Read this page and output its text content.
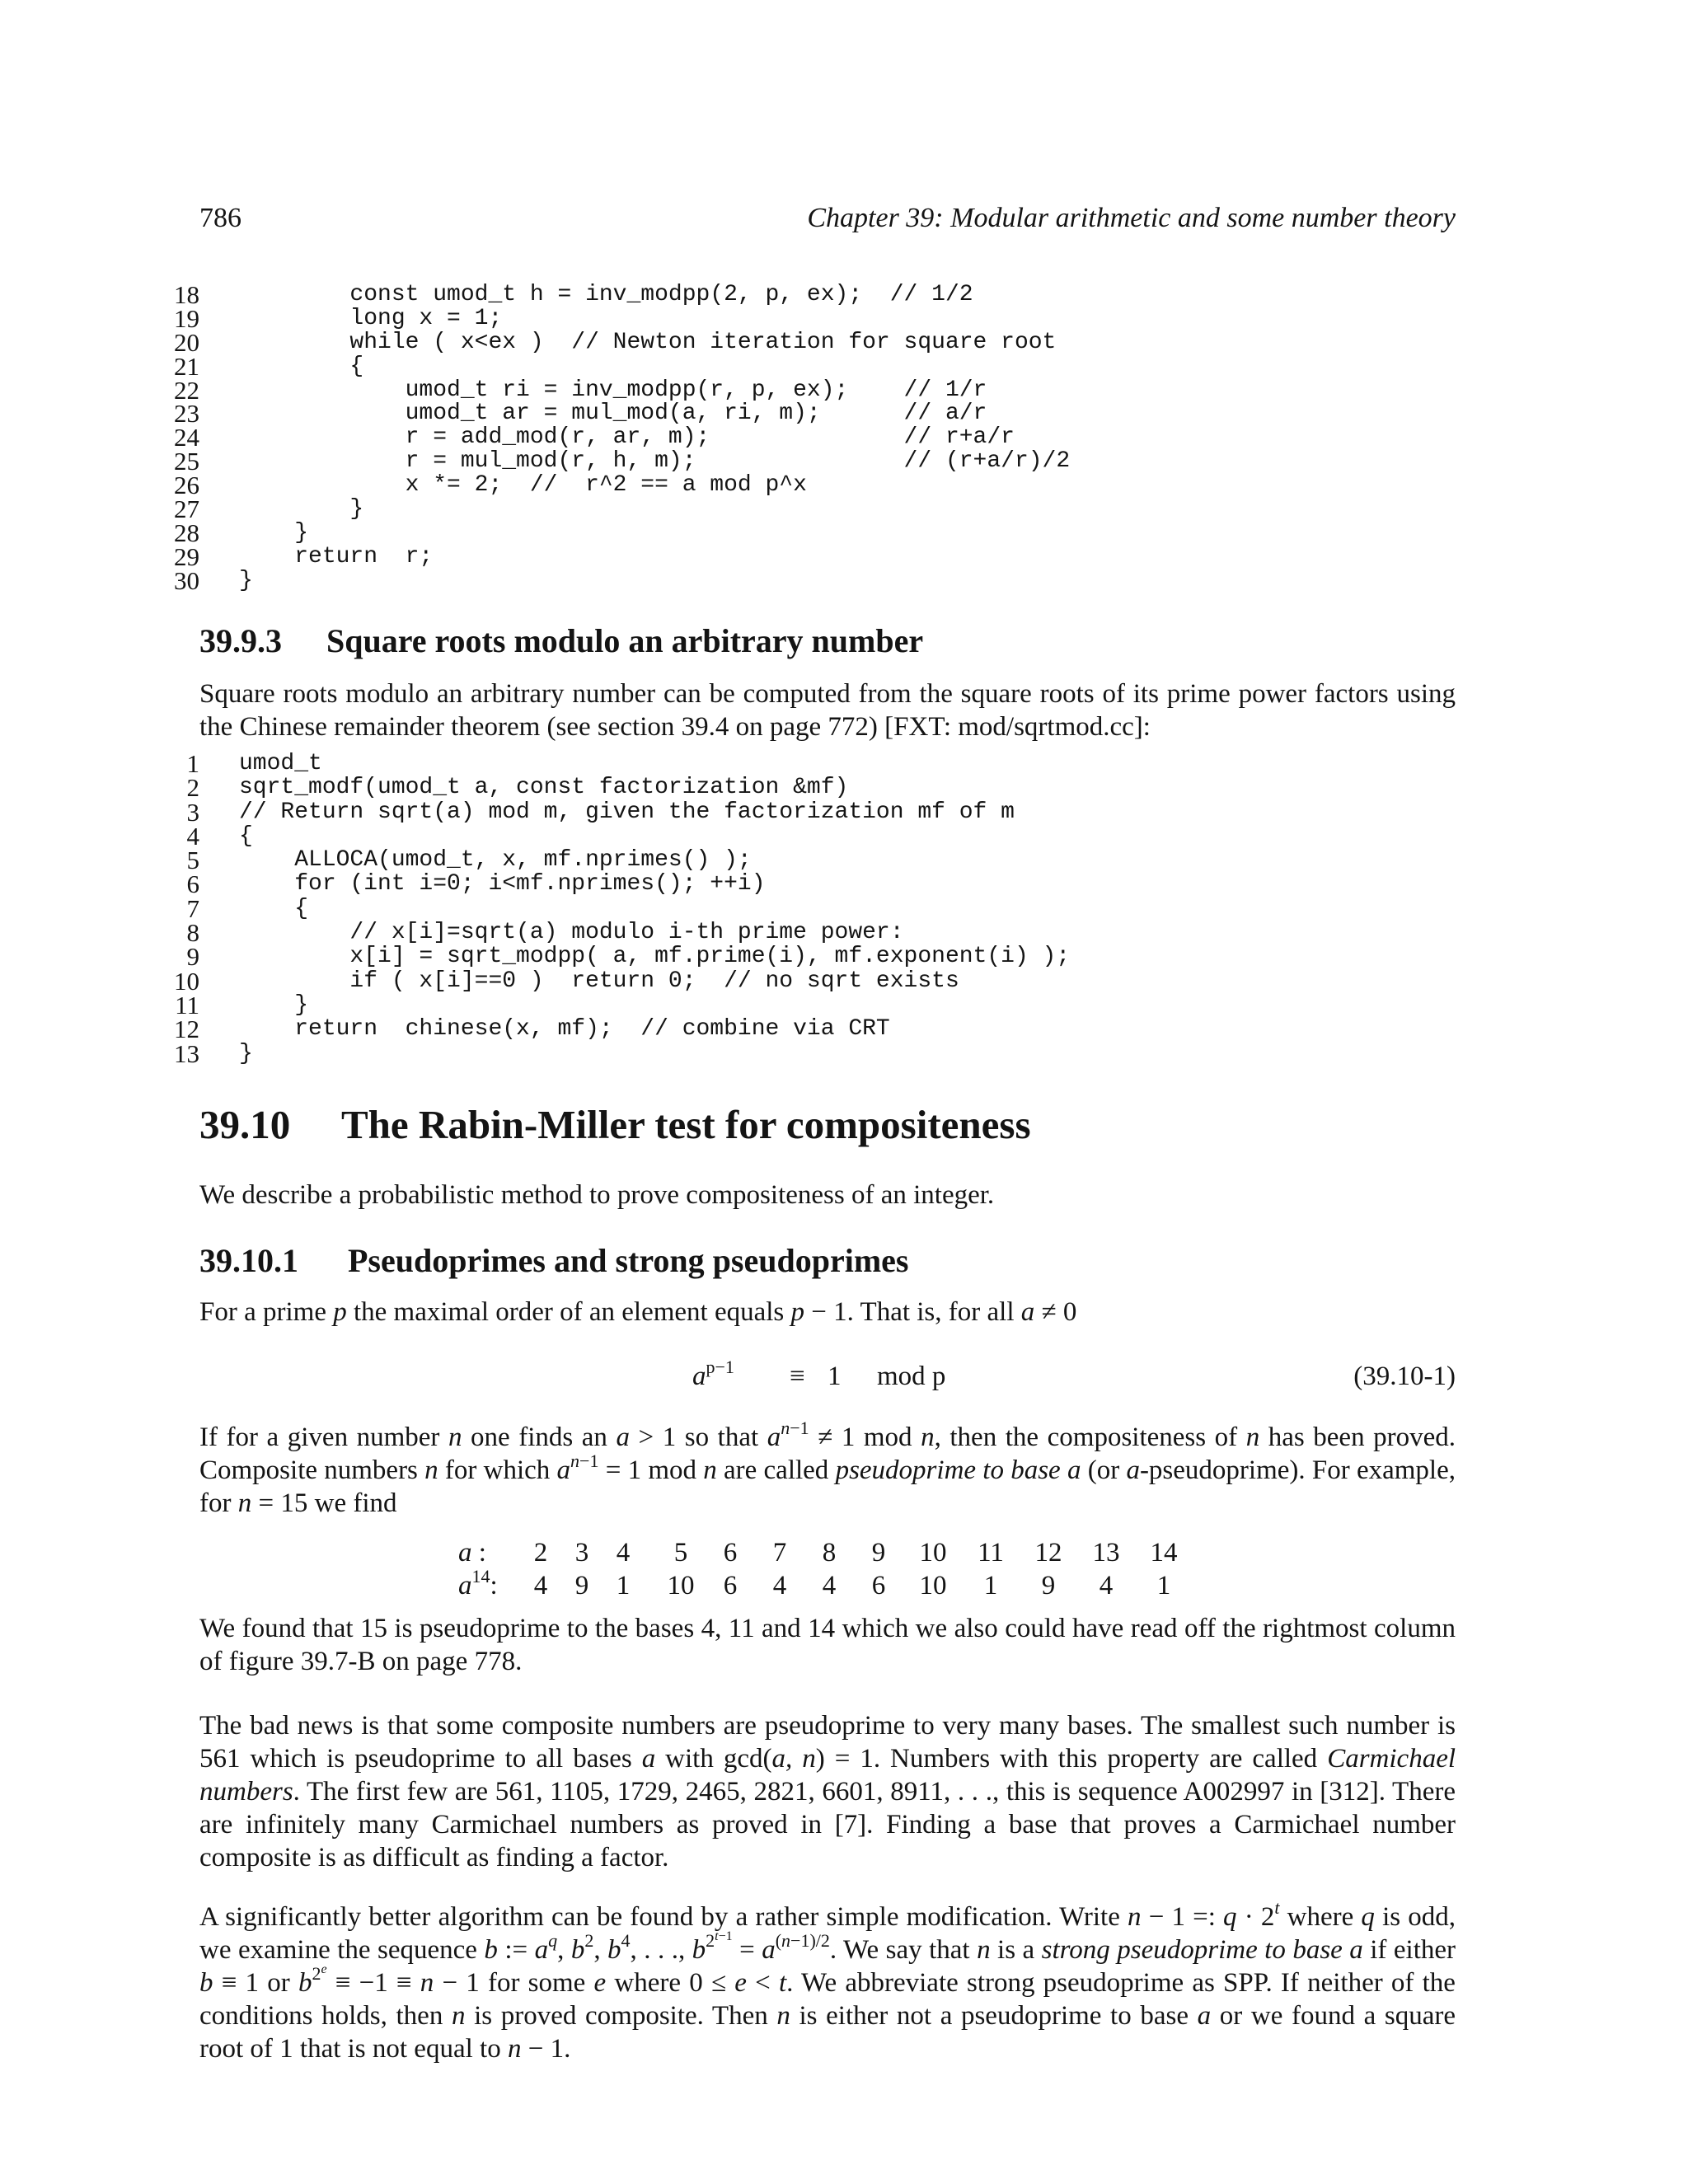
786	Chapter 39: Modular arithmetic and some number theory
18 const umod_t h = inv_modpp(2, p, ex);  // 1/2
19 long x = 1;
20 while ( x<ex )  // Newton iteration for square root
21 {
22 umod_t ri = inv_modpp(r, p, ex);    // 1/r
23 umod_t ar = mul_mod(a, ri, m);      // a/r
24 r = add_mod(r, ar, m);              // r+a/r
25 r = mul_mod(r, h, m);               // (r+a/r)/2
26 x *= 2;  //  r^2 == a mod p^x
27 }
28 }
29 return  r;
30 }
39.9.3 Square roots modulo an arbitrary number
Square roots modulo an arbitrary number can be computed from the square roots of its prime power factors using the Chinese remainder theorem (see section 39.4 on page 772) [FXT: mod/sqrtmod.cc]:
1 umod_t
2 sqrt_modf(umod_t a, const factorization &mf)
3 // Return sqrt(a) mod m, given the factorization mf of m
4 {
5 ALLOCA(umod_t, x, mf.nprimes() );
6 for (int i=0; i<mf.nprimes(); ++i)
7 {
8 // x[i]=sqrt(a) modulo i-th prime power:
9 x[i] = sqrt_modpp( a, mf.prime(i), mf.exponent(i) );
10 if ( x[i]==0 )  return 0;  // no sqrt exists
11 }
12 return  chinese(x, mf);  // combine via CRT
13 }
39.10 The Rabin-Miller test for compositeness
We describe a probabilistic method to prove compositeness of an integer.
39.10.1 Pseudoprimes and strong pseudoprimes
For a prime p the maximal order of an element equals p − 1. That is, for all a ≠ 0
$a^{p-1} \equiv 1$ mod p	(39.10-1)
If for a given number n one finds an a > 1 so that $a^{n-1} \ne 1$ mod n, then the compositeness of n has been proved. Composite numbers n for which $a^{n-1} = 1$ mod n are called pseudoprime to base a (or a-pseudoprime). For example, for n = 15 we find
a :
$a^{14}$:
2
4
3
9
4
1
5
10
6
6
7
4
8
4
9
6
10
10
11
1
12
9
13
4
14
1
We found that 15 is pseudoprime to the bases 4, 11 and 14 which we also could have read off the rightmost column of figure 39.7-B on page 778.
The bad news is that some composite numbers are pseudoprime to very many bases. The smallest such number is 561 which is pseudoprime to all bases a with gcd(a, n) = 1. Numbers with this property are called Carmichael numbers. The first few are 561, 1105, 1729, 2465, 2821, 6601, 8911, . . ., this is sequence A002997 in [312]. There are infinitely many Carmichael numbers as proved in [7]. Finding a base that proves a Carmichael number composite is as difficult as finding a factor.
A significantly better algorithm can be found by a rather simple modification. Write n − 1 =: $q \cdot 2^t$ where q is odd, we examine the sequence b := $a^q$, $b^2$, $b^4$, . . ., $b^{2^{t-1}} = a^{(n-1)/2}$. We say that n is a strong pseudoprime to base a if either b ≡ 1 or $b^{2^e} \equiv -1 \equiv n - 1$ for some e where 0 ≤ e < t. We abbreviate strong pseudoprime as SPP. If neither of the conditions holds, then n is proved composite. Then n is either not a pseudoprime to base a or we found a square root of 1 that is not equal to n − 1.
